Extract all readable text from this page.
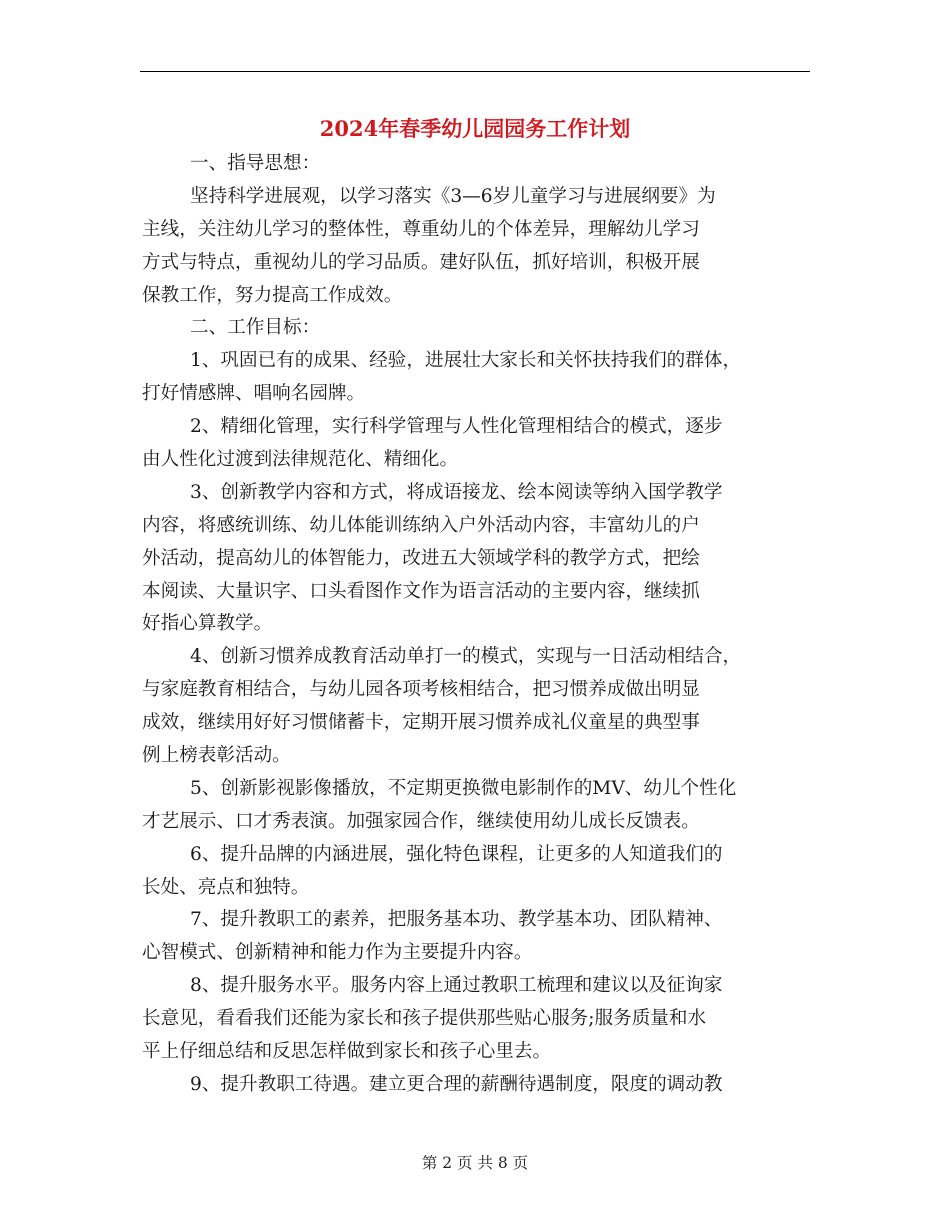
2024年春季幼儿园园务工作计划
一、指导思想：
坚持科学进展观，以学习落实《3—6岁儿童学习与进展纲要》为
主线，关注幼儿学习的整体性，尊重幼儿的个体差异，理解幼儿学习
方式与特点，重视幼儿的学习品质。建好队伍，抓好培训，积极开展
保教工作，努力提高工作成效。
二、工作目标：
1、巩固已有的成果、经验，进展壮大家长和关怀扶持我们的群体，
打好情感牌、唱响名园牌。
2、精细化管理，实行科学管理与人性化管理相结合的模式，逐步
由人性化过渡到法律规范化、精细化。
3、创新教学内容和方式，将成语接龙、绘本阅读等纳入国学教学
内容，将感统训练、幼儿体能训练纳入户外活动内容，丰富幼儿的户
外活动，提高幼儿的体智能力，改进五大领域学科的教学方式，把绘
本阅读、大量识字、口头看图作文作为语言活动的主要内容，继续抓
好指心算教学。
4、创新习惯养成教育活动单打一的模式，实现与一日活动相结合，
与家庭教育相结合，与幼儿园各项考核相结合，把习惯养成做出明显
成效，继续用好好习惯储蓄卡，定期开展习惯养成礼仪童星的典型事
例上榜表彰活动。
5、创新影视影像播放，不定期更换微电影制作的MV、幼儿个性化
才艺展示、口才秀表演。加强家园合作，继续使用幼儿成长反馈表。
6、提升品牌的内涵进展，强化特色课程，让更多的人知道我们的
长处、亮点和独特。
7、提升教职工的素养，把服务基本功、教学基本功、团队精神、
心智模式、创新精神和能力作为主要提升内容。
8、提升服务水平。服务内容上通过教职工梳理和建议以及征询家
长意见，看看我们还能为家长和孩子提供那些贴心服务;服务质量和水
平上仔细总结和反思怎样做到家长和孩子心里去。
9、提升教职工待遇。建立更合理的薪酬待遇制度，限度的调动教
第 2 页 共 8 页
